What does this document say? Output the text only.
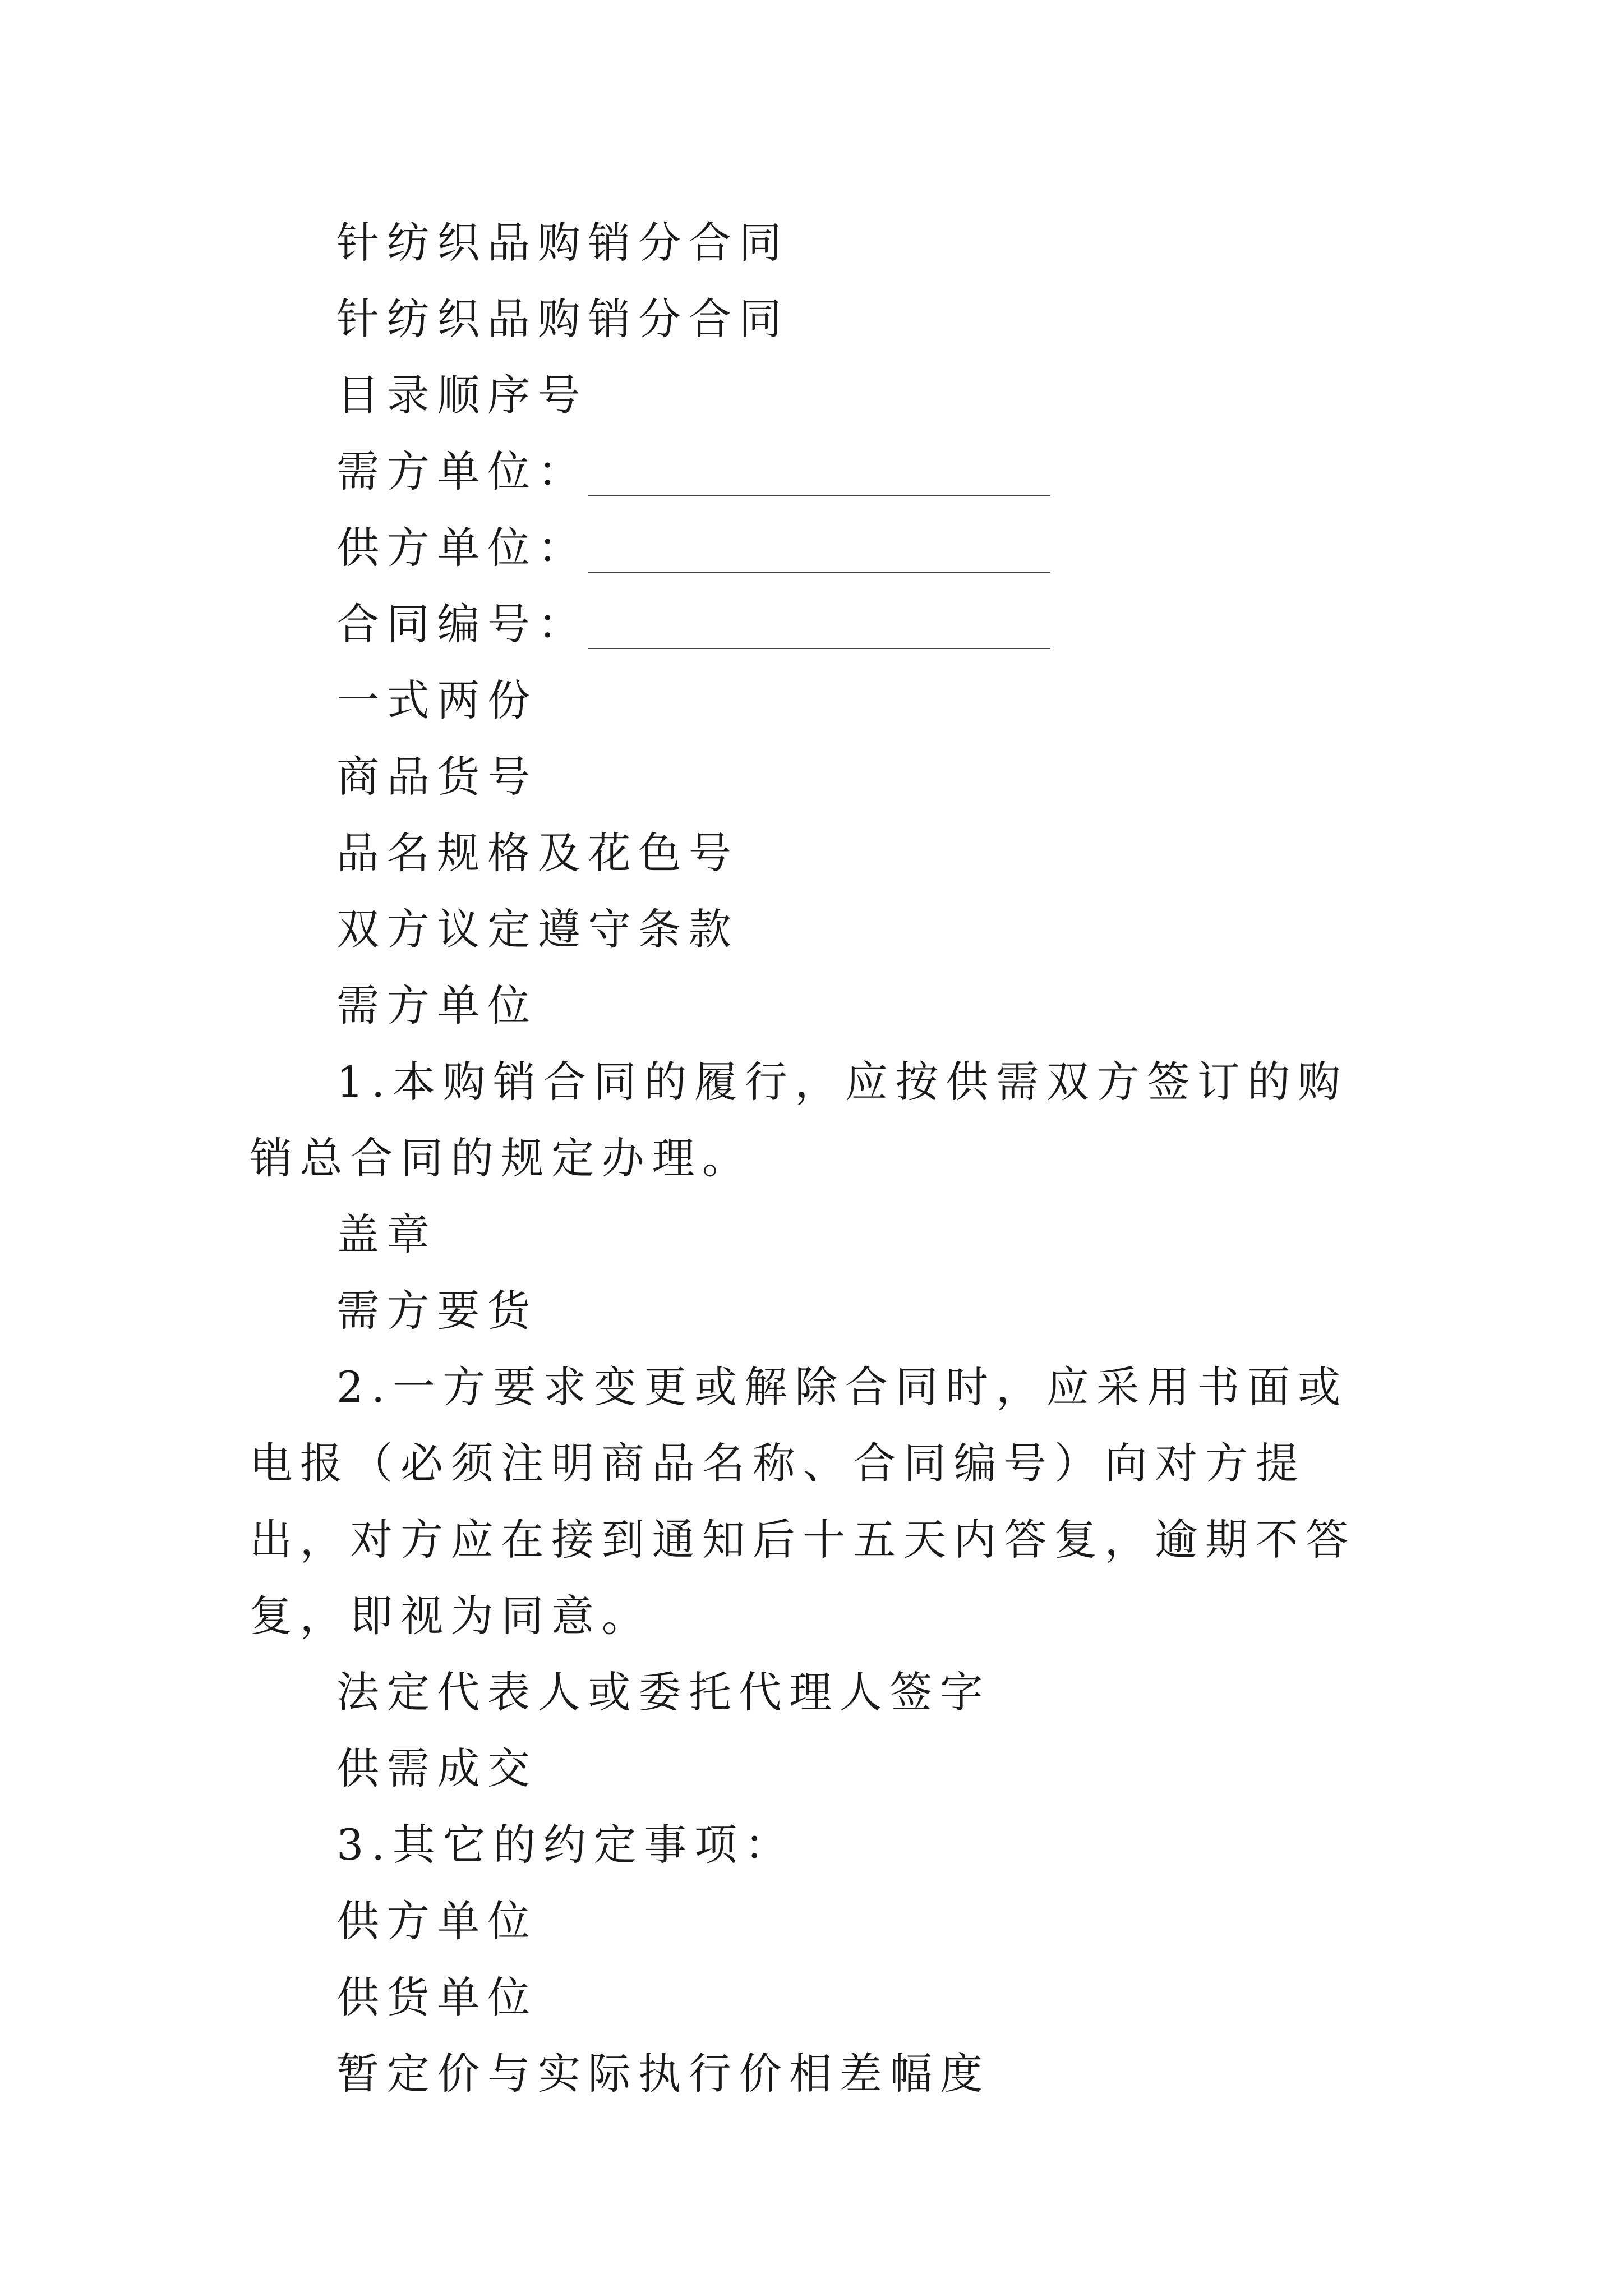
针纺织品购销分合同
针纺织品购销分合同
目录顺序号
需方单位：
供方单位：
合同编号：
一式两份
商品货号
品名规格及花色号
双方议定遵守条款
需方单位
1.本购销合同的履行，应按供需双方签订的购销总合同的规定办理。
盖章
需方要货
2.一方要求变更或解除合同时，应采用书面或电报（必须注明商品名称、合同编号）向对方提出，对方应在接到通知后十五天内答复，逾期不答复，即视为同意。
法定代表人或委托代理人签字
供需成交
3.其它的约定事项：
供方单位
供货单位
暂定价与实际执行价相差幅度
